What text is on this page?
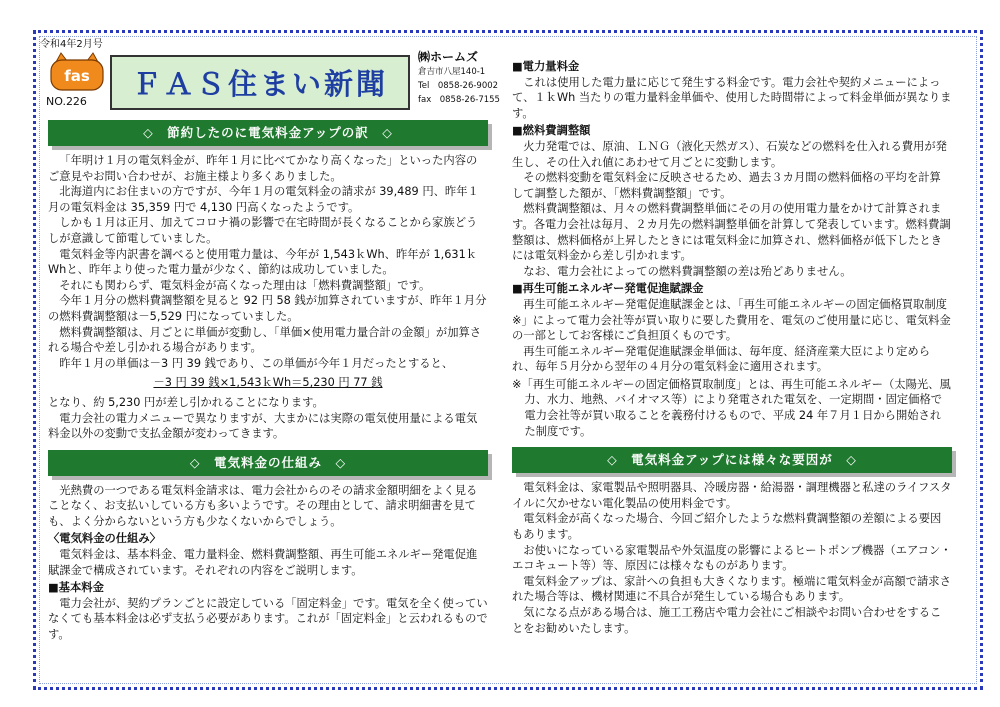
令和4年2月号
fas
NO.226
ＦＡＳ住まい新聞
㈱ホームズ
倉吉市八屋140-1
Tel　0858-26-9002
fax　0858-26-7155
◇　節約したのに電気料金アップの訳　◇

「年明け１月の電気料金が、昨年１月に比べてかなり高くなった」といった内容のご意見やお問い合わせが、お施主様より多くありました。

北海道内にお住まいの方ですが、今年１月の電気料金の請求が 39,489 円、昨年１月の電気料金は 35,359 円で 4,130 円高くなったようです。

しかも１月は正月、加えてコロナ禍の影響で在宅時間が長くなることから家族どうしが意識して節電していました。

電気料金等内訳書を調べると使用電力量は、今年が 1,543ｋWh、昨年が 1,631ｋWhと、昨年より使った電力量が少なく、節約は成功していました。

それにも関わらず、電気料金が高くなった理由は「燃料費調整額」です。

今年１月分の燃料費調整額を見ると 92 円 58 銭が加算されていますが、昨年１月分の燃料費調整額は－5,529 円になっていました。

燃料費調整額は、月ごとに単価が変動し、「単価×使用電力量合計の金額」が加算される場合や差し引かれる場合があります。

昨年１月の単価は－3 円 39 銭であり、この単価が今年１月だったとすると、

－3 円 39 銭×1,543ｋWh＝5,230 円 77 銭

となり、約 5,230 円が差し引かれることになります。

電力会社の電力メニューで異なりますが、大まかには実際の電気使用量による電気料金以外の変動で支払金額が変わってきます。

◇　電気料金の仕組み　◇

光熱費の一つである電気料金請求は、電力会社からのその請求金額明細をよく見ることなく、お支払いしている方も多いようです。その理由として、請求明細書を見ても、よく分からないという方も少なくないからでしょう。

〈電気料金の仕組み〉

電気料金は、基本料金、電力量料金、燃料費調整額、再生可能エネルギー発電促進賦課金で構成されています。それぞれの内容をご説明します。

■基本料金

電力会社が、契約プランごとに設定している「固定料金」です。電気を全く使っていなくても基本料金は必ず支払う必要があります。これが「固定料金」と云われるものです。

■電力量料金

これは使用した電力量に応じて発生する料金です。電力会社や契約メニューによって、１ｋWh 当たりの電力量料金単価や、使用した時間帯によって料金単価が異なります。

■燃料費調整額

火力発電では、原油、ＬＮＧ（液化天然ガス）、石炭などの燃料を仕入れる費用が発生し、その仕入れ値にあわせて月ごとに変動します。

その燃料変動を電気料金に反映させるため、過去３カ月間の燃料価格の平均を計算して調整した額が、「燃料費調整額」です。

燃料費調整額は、月々の燃料費調整単価にその月の使用電力量をかけて計算されます。各電力会社は毎月、２カ月先の燃料調整単価を計算して発表しています。燃料費調整額は、燃料価格が上昇したときには電気料金に加算され、燃料価格が低下したときには電気料金から差し引かれます。

なお、電力会社によっての燃料費調整額の差は殆どありません。

■再生可能エネルギー発電促進賦課金

再生可能エネルギー発電促進賦課金とは、「再生可能エネルギーの固定価格買取制度※」によって電力会社等が買い取りに要した費用を、電気のご使用量に応じ、電気料金の一部としてお客様にご負担頂くものです。

再生可能エネルギー発電促進賦課金単価は、毎年度、経済産業大臣により定められ、毎年５月分から翌年の４月分の電気料金に適用されます。

※「再生可能エネルギーの固定価格買取制度」とは、再生可能エネルギー（太陽光、風力、水力、地熱、バイオマス等）により発電された電気を、一定期間・固定価格で電力会社等が買い取ることを義務付けるもので、平成 24 年７月１日から開始された制度です。

◇　電気料金アップには様々な要因が　◇

電気料金は、家電製品や照明器具、冷暖房器・給湯器・調理機器と私達のライフスタイルに欠かせない電化製品の使用料金です。

電気料金が高くなった場合、今回ご紹介したような燃料費調整額の差額による要因もあります。

お使いになっている家電製品や外気温度の影響によるヒートポンプ機器（エアコン・エコキュート等）等、原因には様々なものがあります。

電気料金アップは、家計への負担も大きくなります。極端に電気料金が高額で請求された場合等は、機材関連に不具合が発生している場合もあります。

気になる点がある場合は、施工工務店や電力会社にご相談やお問い合わせをすることをお勧めいたします。
